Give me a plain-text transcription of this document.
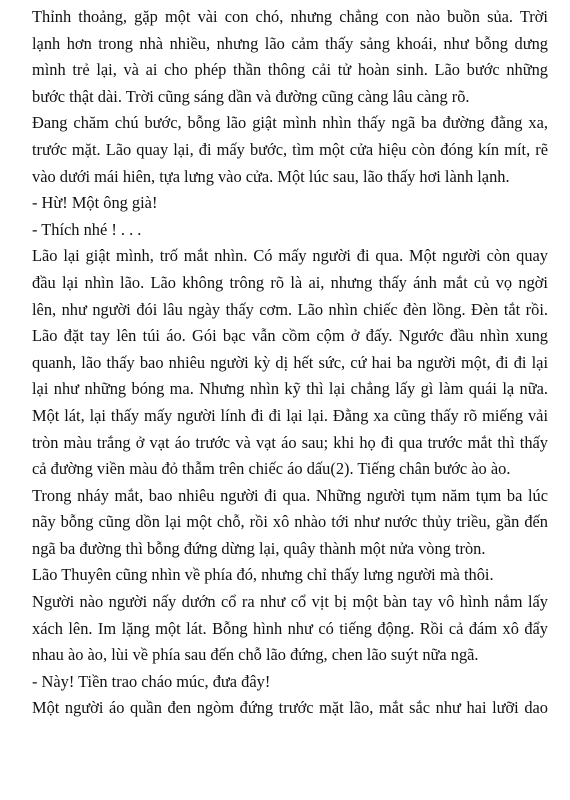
Thỉnh thoảng, gặp một vài con chó, nhưng chẳng con nào buồn sủa. Trời
lạnh hơn trong nhà nhiều, nhưng lão cảm thấy sảng khoái, như bỗng dưng
mình trẻ lại, và ai cho phép thần thông cải tử hoàn sinh. Lão bước những
bước thật dài. Trời cũng sáng dần và đường cũng càng lâu càng rõ.
Đang chăm chú bước, bỗng lão giật mình nhìn thấy ngã ba đường đằng xa,
trước mặt. Lão quay lại, đi mấy bước, tìm một cửa hiệu còn đóng kín mít, rẽ
vào dưới mái hiên, tựa lưng vào cửa. Một lúc sau, lão thấy hơi lành lạnh.
- Hừ! Một ông già!
- Thích nhé ! . . .
Lão lại giật mình, trố mắt nhìn. Có mấy người đi qua. Một người còn quay
đầu lại nhìn lão. Lão không trông rõ là ai, nhưng thấy ánh mắt củ vọ ngời
lên, như người đói lâu ngày thấy cơm. Lão nhìn chiếc đèn lồng. Đèn tắt rồi.
Lão đặt tay lên túi áo. Gói bạc vẫn cồm cộm ở đấy. Ngước đầu nhìn xung
quanh, lão thấy bao nhiêu người kỳ dị hết sức, cứ hai ba người một, đi đi lại
lại như những bóng ma. Nhưng nhìn kỹ thì lại chẳng lấy gì làm quái lạ nữa.
Một lát, lại thấy mấy người lính đi đi lại lại. Đằng xa cũng thấy rõ miếng vải
tròn màu trắng ở vạt áo trước và vạt áo sau; khi họ đi qua trước mắt thì thấy
cả đường viền màu đỏ thẫm trên chiếc áo dấu(2). Tiếng chân bước ào ào.
Trong nháy mắt, bao nhiêu người đi qua. Những người tụm năm tụm ba lúc
nãy bỗng cũng dồn lại một chỗ, rồi xô nhào tới như nước thủy triều, gần đến
ngã ba đường thì bỗng đứng dừng lại, quây thành một nửa vòng tròn.
Lão Thuyên cũng nhìn về phía đó, nhưng chỉ thấy lưng người mà thôi.
Người nào người nấy dướn cổ ra như cổ vịt bị một bàn tay vô hình nắm lấy
xách lên. Im lặng một lát. Bỗng hình như có tiếng động. Rồi cả đám xô đẩy
nhau ào ào, lùi về phía sau đến chỗ lão đứng, chen lão suýt nữa ngã.
- Này! Tiền trao cháo múc, đưa đây!
Một người áo quần đen ngòm đứng trước mặt lão, mắt sắc như hai lưỡi dao
